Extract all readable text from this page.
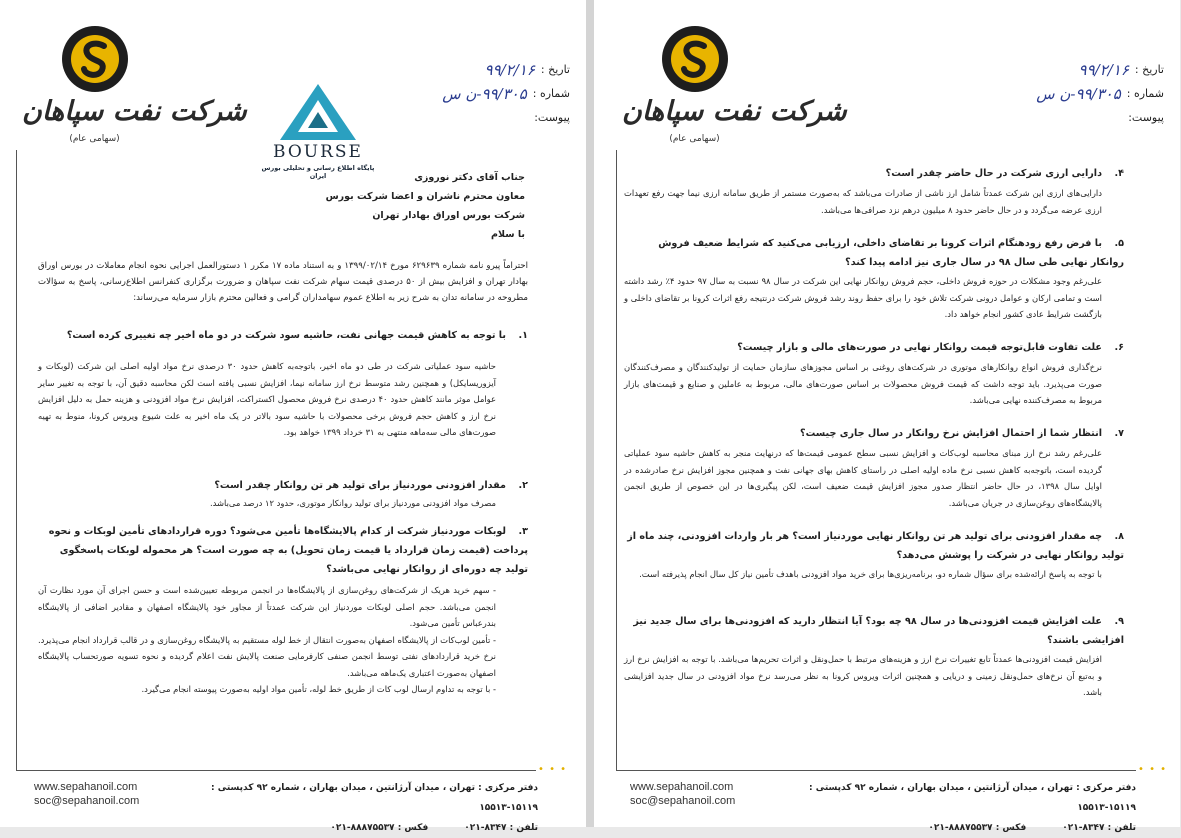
شرکت نفت سپاهان
(سهامی عام)
BOURSE
پایگاه اطلاع رسانی و تحلیلی بورس ایران
تاریخ :
۹۹/۲/۱۶
شماره :
۹۹/۳۰۵-ن س
پیوست:
جناب آقای دکتر نوروزی
معاون محترم ناشران و اعضا شرکت بورس
شرکت بورس اوراق بهادار تهران
با سلام
احتراماً پیرو نامه شماره ۶۲۹۶۳۹ مورخ ۱۳۹۹/۰۲/۱۴ و به استناد ماده ۱۷ مکرر ۱ دستورالعمل اجرایی نحوه انجام معاملات در بورس اوراق بهادار تهران و افزایش بیش از ۵۰ درصدی قیمت سهام شرکت نفت سپاهان و ضرورت برگزاری کنفرانس اطلاع‌رسانی، پاسخ به سؤالات مطروحه در سامانه تدان به شرح زیر به اطلاع عموم سهامداران گرامی و فعالین محترم بازار سرمایه می‌رساند:
۱.با توجه به کاهش قیمت جهانی نفت، حاشیه سود شرکت در دو ماه اخیر چه تغییری کرده است؟
حاشیه سود عملیاتی شرکت در طی دو ماه اخیر، باتوجه‌به کاهش حدود ۳۰ درصدی نرخ مواد اولیه اصلی این شرکت (لوبکات و آیزوریسایکل) و همچنین رشد متوسط نرخ ارز سامانه نیما، افزایش نسبی یافته است لکن محاسبه دقیق آن، با توجه به تغییر سایر عوامل موثر مانند کاهش حدود ۴۰ درصدی نرخ فروش محصول اکستراکت، افزایش نرخ مواد افزودنی و هزینه حمل به دلیل افزایش نرخ ارز و کاهش حجم فروش برخی محصولات با حاشیه سود بالاتر در یک ماه اخیر به علت شیوع ویروس کرونا، منوط به تهیه صورت‌های مالی سه‌ماهه منتهی به ۳۱ خرداد ۱۳۹۹ خواهد بود.
۲.مقدار افزودنی موردنیاز برای تولید هر تن روانکار چقدر است؟
مصرف مواد افزودنی موردنیاز برای تولید روانکار موتوری، حدود ۱۲ درصد می‌باشد.
۳.لوبکات موردنیاز شرکت از کدام پالایشگاه‌ها تأمین می‌شود؟ دوره قراردادهای تأمین لوبکات و نحوه پرداخت (قیمت زمان قرارداد یا قیمت زمان تحویل) به چه صورت است؟ هر محموله لوبکات پاسخگوی تولید چه دوره‌ای از روانکار نهایی می‌باشد؟
- سهم خرید هریک از شرکت‌های روغن‌سازی از پالایشگاه‌ها در انجمن مربوطه تعیین‌شده است و حسن اجرای آن مورد نظارت آن انجمن می‌باشد. حجم اصلی لوبکات موردنیاز این شرکت عمدتاً از مجاور خود پالایشگاه اصفهان و مقادیر اضافی از پالایشگاه بندرعباس تأمین می‌شود.
- تأمین لوب‌کات از پالایشگاه اصفهان به‌صورت انتقال از خط لوله مستقیم به پالایشگاه روغن‌سازی و در قالب قرارداد انجام می‌پذیرد. نرخ خرید قراردادهای نفتی توسط انجمن صنفی کارفرمایی صنعت پالایش نفت اعلام گردیده و نحوه تسویه صورتحساب پالایشگاه اصفهان به‌صورت اعتباری یک‌ماهه می‌باشد.
- با توجه به تداوم ارسال لوب کات از طریق خط لوله، تأمین مواد اولیه به‌صورت پیوسته انجام می‌گیرد.
• • •
www.sepahanoil.com
soc@sepahanoil.com
دفتر مرکزی : تهران ، میدان آرژانتین ، میدان بهاران ، شماره ۹۲ کدپستی : ۱۵۱۱۹-۱۵۵۱۳
تلفن : ۸۳۴۷-۰۲۱
فکس : ۸۸۸۷۵۵۳۷-۰۲۱
شرکت نفت سپاهان
(سهامی عام)
تاریخ :
۹۹/۲/۱۶
شماره :
۹۹/۳۰۵-ن س
پیوست:
۴.دارایی ارزی شرکت در حال حاضر چقدر است؟
دارایی‌های ارزی این شرکت عمدتاً شامل ارز ناشی از صادرات می‌باشد که به‌صورت مستمر از طریق سامانه ارزی نیما جهت رفع تعهدات ارزی عرضه می‌گردد و در حال حاضر حدود ۸ میلیون درهم نزد صرافی‌ها می‌باشد.
۵.با فرض رفع زودهنگام اثرات کرونا بر تقاضای داخلی، ارزیابی می‌کنید که شرایط ضعیف فروش روانکار نهایی طی سال ۹۸ در سال جاری نیز ادامه پیدا کند؟
علی‌رغم وجود مشکلات در حوزه فروش داخلی، حجم فروش روانکار نهایی این شرکت در سال ۹۸ نسبت به سال ۹۷ حدود ۴٪ رشد داشته است و تمامی ارکان و عوامل درونی شرکت تلاش خود را برای حفظ روند رشد فروش شرکت درنتیجه رفع اثرات کرونا بر تقاضای داخلی و بازگشت شرایط عادی کشور انجام خواهد داد.
۶.علت تفاوت قابل‌توجه قیمت روانکار نهایی در صورت‌های مالی و بازار چیست؟
نرخ‌گذاری فروش انواع روانکارهای موتوری در شرکت‌های روغنی بر اساس مجوزهای سازمان حمایت از تولیدکنندگان و مصرف‌کنندگان صورت می‌پذیرد. باید توجه داشت که قیمت فروش محصولات بر اساس صورت‌های مالی، مربوط به عاملین و صنایع و قیمت‌های بازار مربوط به مصرف‌کننده نهایی می‌باشد.
۷.انتظار شما از احتمال افزایش نرخ روانکار در سال جاری چیست؟
علی‌رغم رشد نرخ ارز مبنای محاسبه لوب‌کات و افزایش نسبی سطح عمومی قیمت‌ها که درنهایت منجر به کاهش حاشیه سود عملیاتی گردیده است، باتوجه‌به کاهش نسبی نرخ ماده اولیه اصلی در راستای کاهش بهای جهانی نفت و همچنین مجوز افزایش نرخ صادرشده در اوایل سال ۱۳۹۸، در حال حاضر انتظار صدور مجوز افزایش قیمت ضعیف است، لکن پیگیری‌ها در این خصوص از طریق انجمن پالایشگاه‌های روغن‌سازی در جریان می‌باشد.
۸.چه مقدار افزودنی برای تولید هر تن روانکار نهایی موردنیاز است؟ هر بار واردات افزودنی، چند ماه از تولید روانکار نهایی در شرکت را پوشش می‌دهد؟
با توجه به پاسخ ارائه‌شده برای سؤال شماره دو، برنامه‌ریزی‌ها برای خرید مواد افزودنی باهدف تأمین نیاز کل سال انجام پذیرفته است.
۹.علت افزایش قیمت افزودنی‌ها در سال ۹۸ چه بود؟ آیا انتظار دارید که افزودنی‌ها برای سال جدید نیز افزایشی باشند؟
افزایش قیمت افزودنی‌ها عمدتاً تابع تغییرات نرخ ارز و هزینه‌های مرتبط با حمل‌ونقل و اثرات تحریم‌ها می‌باشد. با توجه به افزایش نرخ ارز و به‌تبع آن نرخ‌های حمل‌ونقل زمینی و دریایی و همچنین اثرات ویروس کرونا به نظر می‌رسد نرخ مواد افزودنی در سال جدید افزایشی باشد.
• • •
www.sepahanoil.com
soc@sepahanoil.com
دفتر مرکزی : تهران ، میدان آرژانتین ، میدان بهاران ، شماره ۹۲ کدپستی : ۱۵۱۱۹-۱۵۵۱۳
تلفن : ۸۳۴۷-۰۲۱
فکس : ۸۸۸۷۵۵۳۷-۰۲۱
